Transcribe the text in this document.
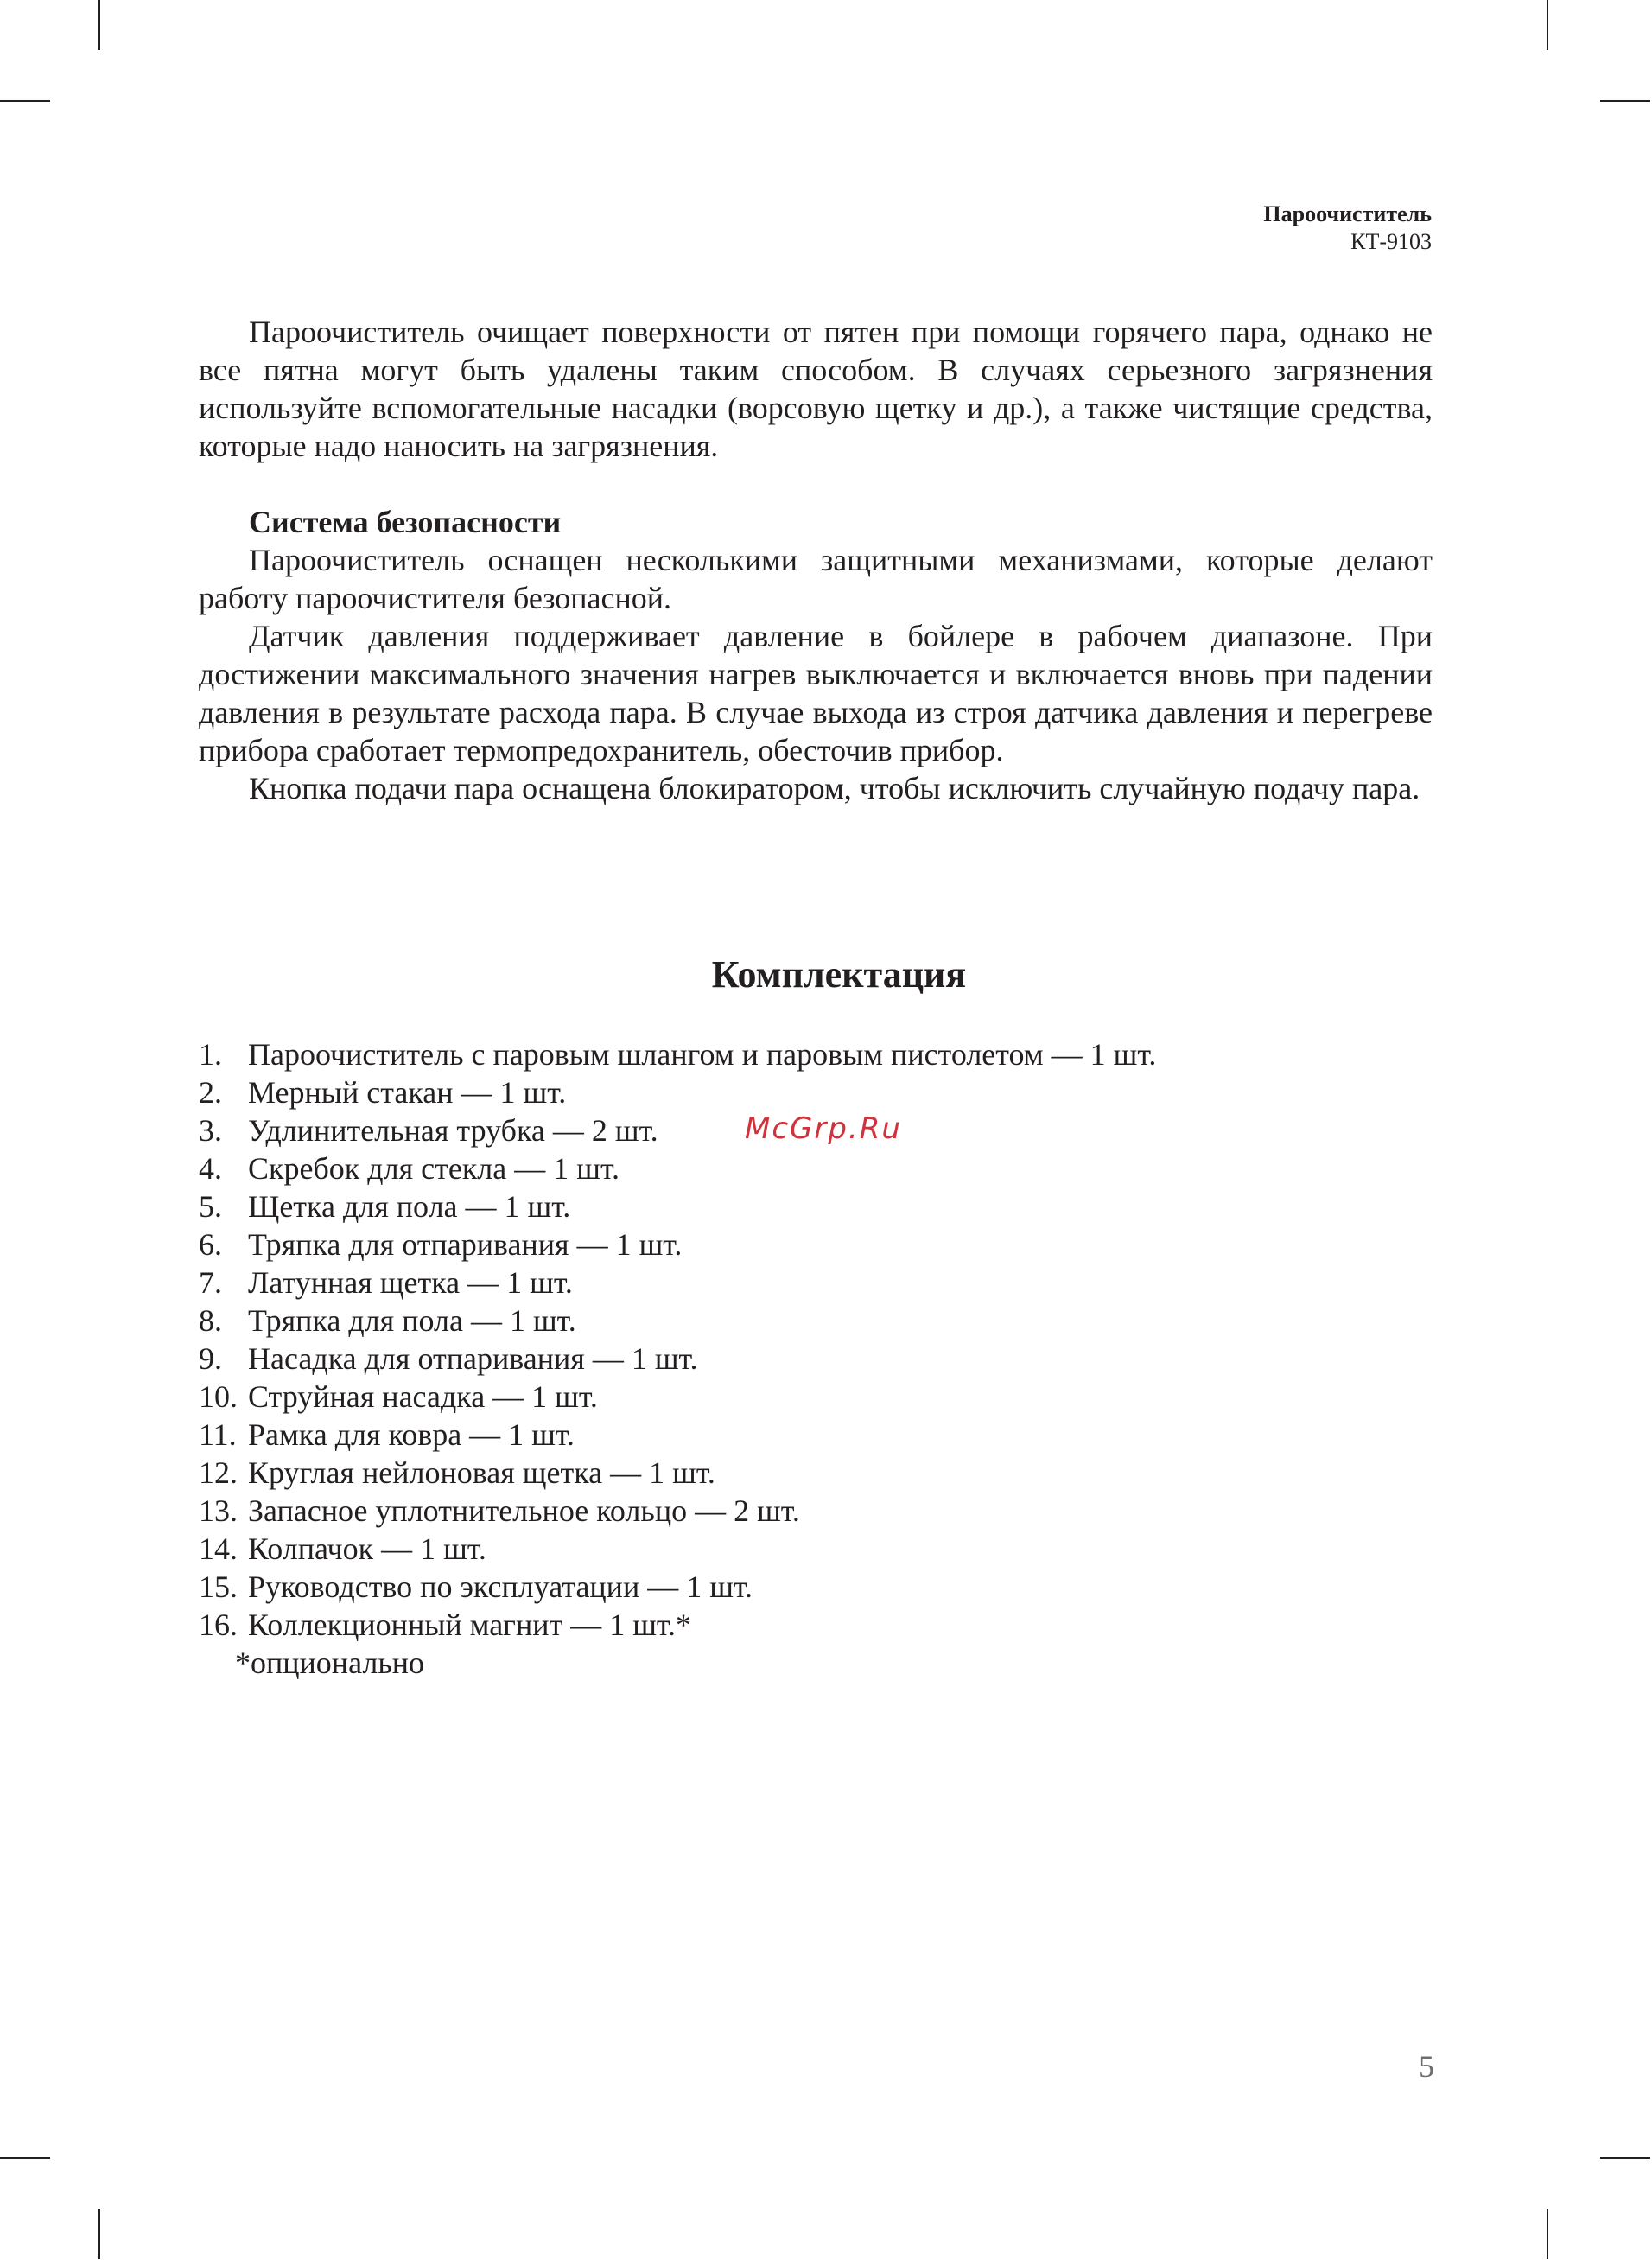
Пароочиститель
КТ-9103

Пароочиститель очищает поверхности от пятен при помощи горячего пара, однако не все пятна могут быть удалены таким способом. В случаях серьезного загрязнения используйте вспомогательные насадки (ворсовую щетку и др.), а также чистящие средства, которые надо наносить на загрязнения.

Система безопасности

Пароочиститель оснащен несколькими защитными механизмами, которые делают работу пароочистителя безопасной.

Датчик давления поддерживает давление в бойлере в рабочем диапазоне. При достижении максимального значения нагрев выключается и включается вновь при падении давления в результате расхода пара. В случае выхода из строя датчика давления и перегреве прибора сработает термопредохранитель, обесточив прибор.

Кнопка подачи пара оснащена блокиратором, чтобы исключить случайную подачу пара.

Комплектация
1. Пароочиститель с паровым шлангом и паровым пистолетом — 1 шт.
2. Мерный стакан — 1 шт.
3. Удлинительная трубка — 2 шт.
4. Скребок для стекла — 1 шт.
5. Щетка для пола — 1 шт.
6. Тряпка для отпаривания — 1 шт.
7. Латунная щетка — 1 шт.
8. Тряпка для пола — 1 шт.
9. Насадка для отпаривания — 1 шт.
10. Струйная насадка — 1 шт.
11. Рамка для ковра — 1 шт.
12. Круглая нейлоновая щетка — 1 шт.
13. Запасное уплотнительное кольцо — 2 шт.
14. Колпачок — 1 шт.
15. Руководство по эксплуатации — 1 шт.
16. Коллекционный магнит — 1 шт.*
*опционально
McGrp.Ru
5
